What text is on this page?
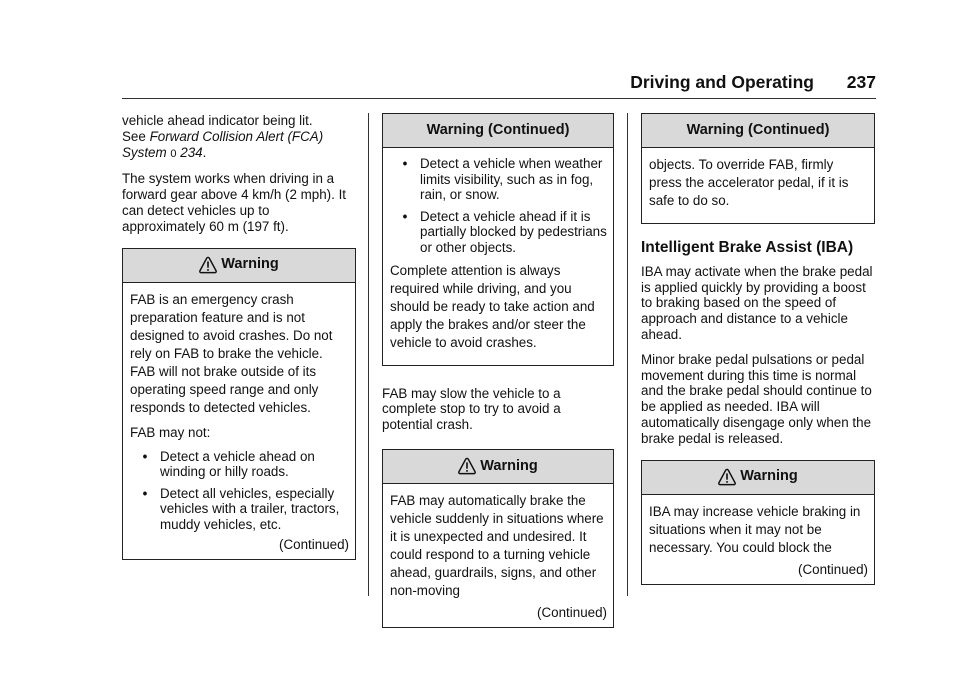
Driving and Operating 237

vehicle ahead indicator being lit.
See Forward Collision Alert (FCA) System 0 234.

The system works when driving in a forward gear above 4 km/h (2 mph). It can detect vehicles up to approximately 60 m (197 ft).

Warning

FAB is an emergency crash preparation feature and is not designed to avoid crashes. Do not rely on FAB to brake the vehicle. FAB will not brake outside of its operating speed range and only responds to detected vehicles.

FAB may not:

• Detect a vehicle ahead on winding or hilly roads.
• Detect all vehicles, especially vehicles with a trailer, tractors, muddy vehicles, etc.
(Continued)
Warning (Continued)
• Detect a vehicle when weather limits visibility, such as in fog, rain, or snow.
• Detect a vehicle ahead if it is partially blocked by pedestrians or other objects.

Complete attention is always required while driving, and you should be ready to take action and apply the brakes and/or steer the vehicle to avoid crashes.

FAB may slow the vehicle to a complete stop to try to avoid a potential crash.

Warning

FAB may automatically brake the vehicle suddenly in situations where it is unexpected and undesired. It could respond to a turning vehicle ahead, guardrails, signs, and other non-moving

(Continued)
Warning (Continued)

objects. To override FAB, firmly press the accelerator pedal, if it is safe to do so.

Intelligent Brake Assist (IBA)

IBA may activate when the brake pedal is applied quickly by providing a boost to braking based on the speed of approach and distance to a vehicle ahead.

Minor brake pedal pulsations or pedal movement during this time is normal and the brake pedal should continue to be applied as needed. IBA will automatically disengage only when the brake pedal is released.

Warning

IBA may increase vehicle braking in situations when it may not be necessary. You could block the

(Continued)
